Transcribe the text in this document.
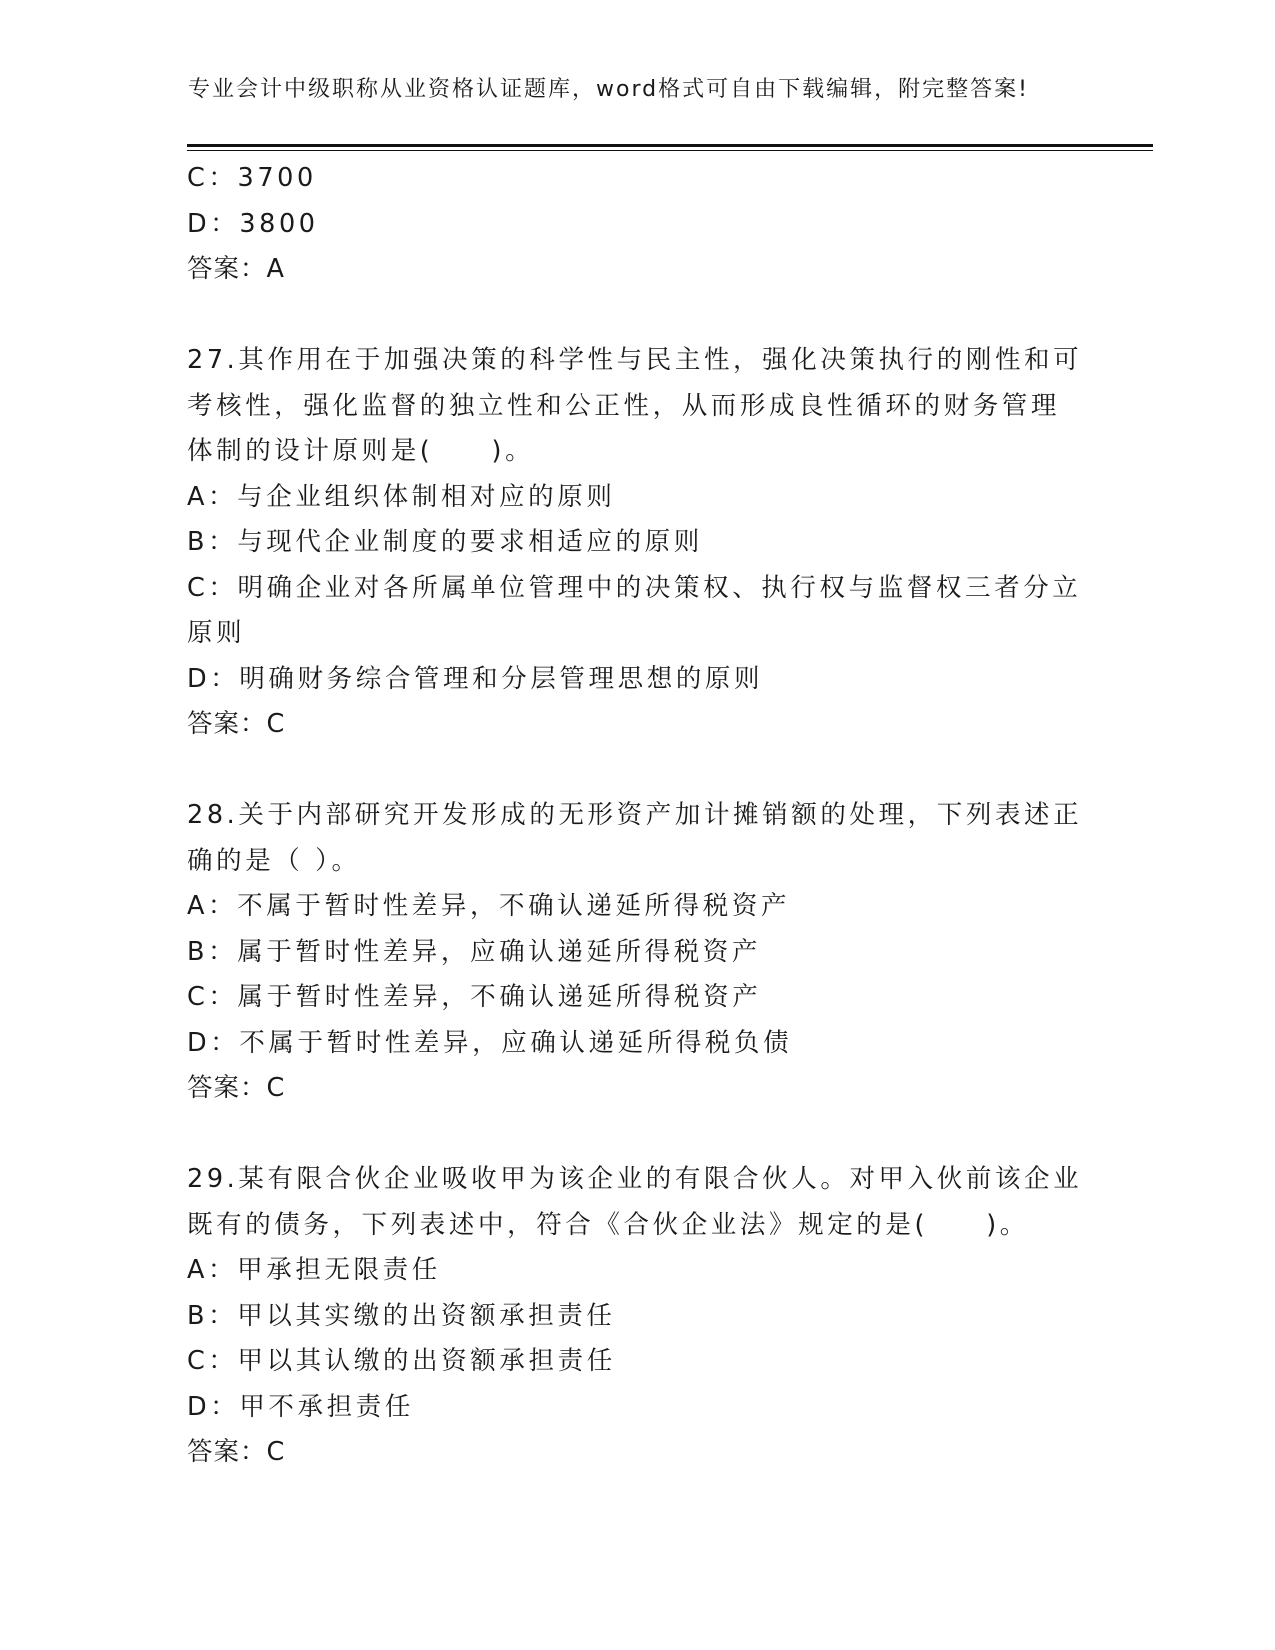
专业会计中级职称从业资格认证题库，word格式可自由下载编辑，附完整答案!
C：3700
D：3800
答案：A
27.其作用在于加强决策的科学性与民主性，强化决策执行的刚性和可考核性，强化监督的独立性和公正性，从而形成良性循环的财务管理体制的设计原则是(　　)。
A：与企业组织体制相对应的原则
B：与现代企业制度的要求相适应的原则
C：明确企业对各所属单位管理中的决策权、执行权与监督权三者分立原则
D：明确财务综合管理和分层管理思想的原则
答案：C
28.关于内部研究开发形成的无形资产加计摊销额的处理，下列表述正确的是（ ）。
A：不属于暂时性差异，不确认递延所得税资产
B：属于暂时性差异，应确认递延所得税资产
C：属于暂时性差异，不确认递延所得税资产
D：不属于暂时性差异，应确认递延所得税负债
答案：C
29.某有限合伙企业吸收甲为该企业的有限合伙人。对甲入伙前该企业既有的债务，下列表述中，符合《合伙企业法》规定的是(　　)。
A：甲承担无限责任
B：甲以其实缴的出资额承担责任
C：甲以其认缴的出资额承担责任
D：甲不承担责任
答案：C
